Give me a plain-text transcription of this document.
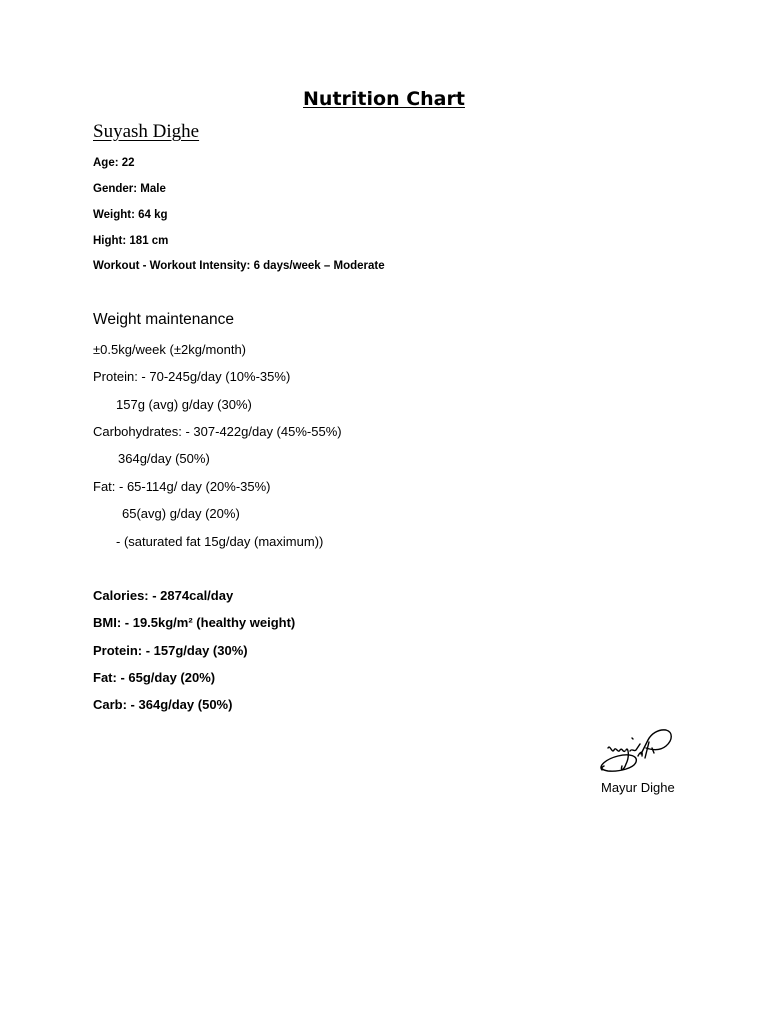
Nutrition Chart
Suyash Dighe
Age: 22
Gender: Male
Weight: 64 kg
Hight: 181 cm
Workout - Workout Intensity: 6 days/week – Moderate
Weight maintenance
±0.5kg/week (±2kg/month)
Protein: - 70-245g/day (10%-35%)
157g (avg) g/day (30%)
Carbohydrates: - 307-422g/day (45%-55%)
364g/day (50%)
Fat: - 65-114g/ day (20%-35%)
65(avg) g/day (20%)
- (saturated fat 15g/day (maximum))
Calories: - 2874cal/day
BMI: - 19.5kg/m² (healthy weight)
Protein: - 157g/day (30%)
Fat: - 65g/day (20%)
Carb: - 364g/day (50%)
Mayur Dighe
